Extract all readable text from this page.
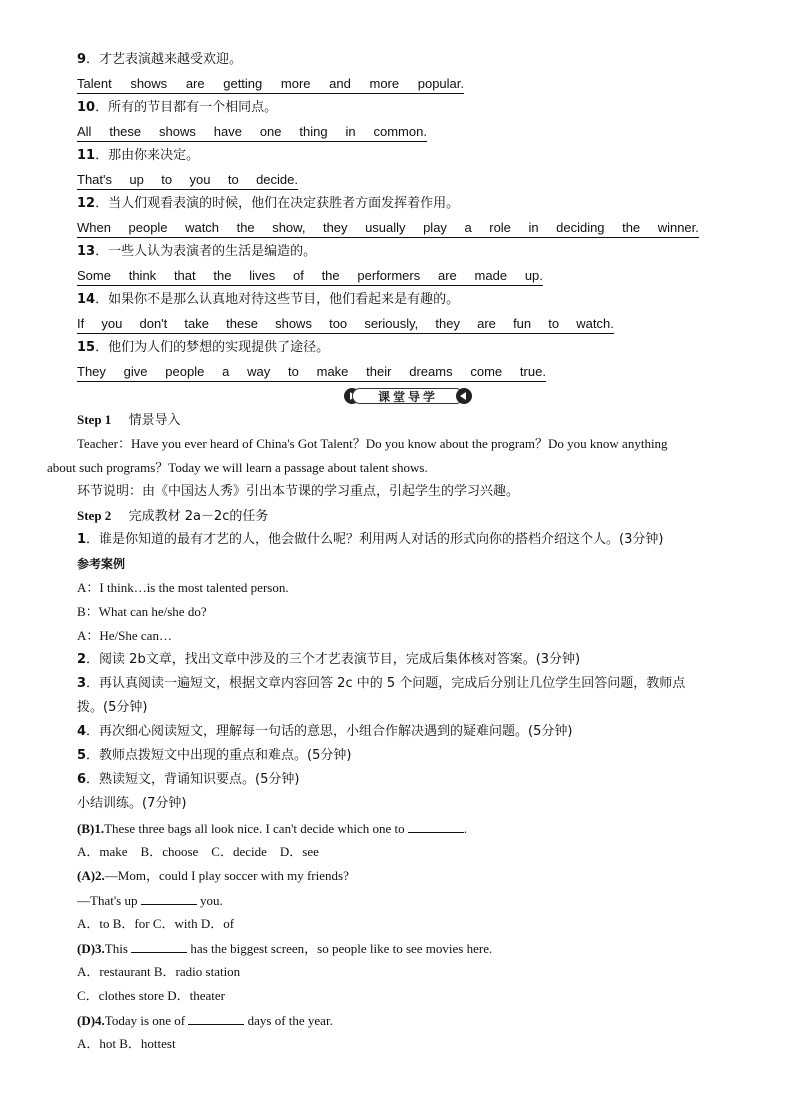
9．才艺表演越来越受欢迎。
Talent shows are getting more and more popular.
10．所有的节目都有一个相同点。
All these shows have one thing in common.
11．那由你来决定。
That's up to you to decide.
12．当人们观看表演的时候，他们在决定获胜者方面发挥着作用。
When people watch the show, they usually play a role in deciding the winner.
13．一些人认为表演者的生活是编造的。
Some think that the lives of the performers are made up.
14．如果你不是那么认真地对待这些节目，他们看起来是有趣的。
If you don't take these shows too seriously, they are fun to watch.
15．他们为人们的梦想的实现提供了途径。
They give people a way to make their dreams come true.
课堂导学
Step 1 情景导入
Teacher：Have you ever heard of China's Got Talent？Do you know about the program？Do you know anything
about such programs？Today we will learn a passage about talent shows.
环节说明：由《中国达人秀》引出本节课的学习重点，引起学生的学习兴趣。
Step 2 完成教材 2a－2c的任务
1．谁是你知道的最有才艺的人，他会做什么呢？利用两人对话的形式向你的搭档介绍这个人。(3分钟)
参考案例
A：I think…is the most talented person.
B：What can he/she do?
A：He/She can…
2．阅读 2b文章，找出文章中涉及的三个才艺表演节目，完成后集体核对答案。(3分钟)
3．再认真阅读一遍短文，根据文章内容回答 2c 中的 5 个问题，完成后分别让几位学生回答问题，教师点
拨。(5分钟)
4．再次细心阅读短文，理解每一句话的意思，小组合作解决遇到的疑难问题。(5分钟)
5．教师点拨短文中出现的重点和难点。(5分钟)
6．熟读短文，背诵知识要点。(5分钟)
小结训练。(7分钟)
(B)1.These three bags all look nice. I can't decide which one to	.
A．make　B．choose　C．decide　D．see
(A)2.—Mom，could I play soccer with my friends?
—That's up	you.
A．to B．for C．with D．of
(D)3.This	has the biggest screen，so people like to see movies here.
A．restaurant B．radio station
C．clothes store D．theater
(D)4.Today is one of	days of the year.
A．hot B．hottest
